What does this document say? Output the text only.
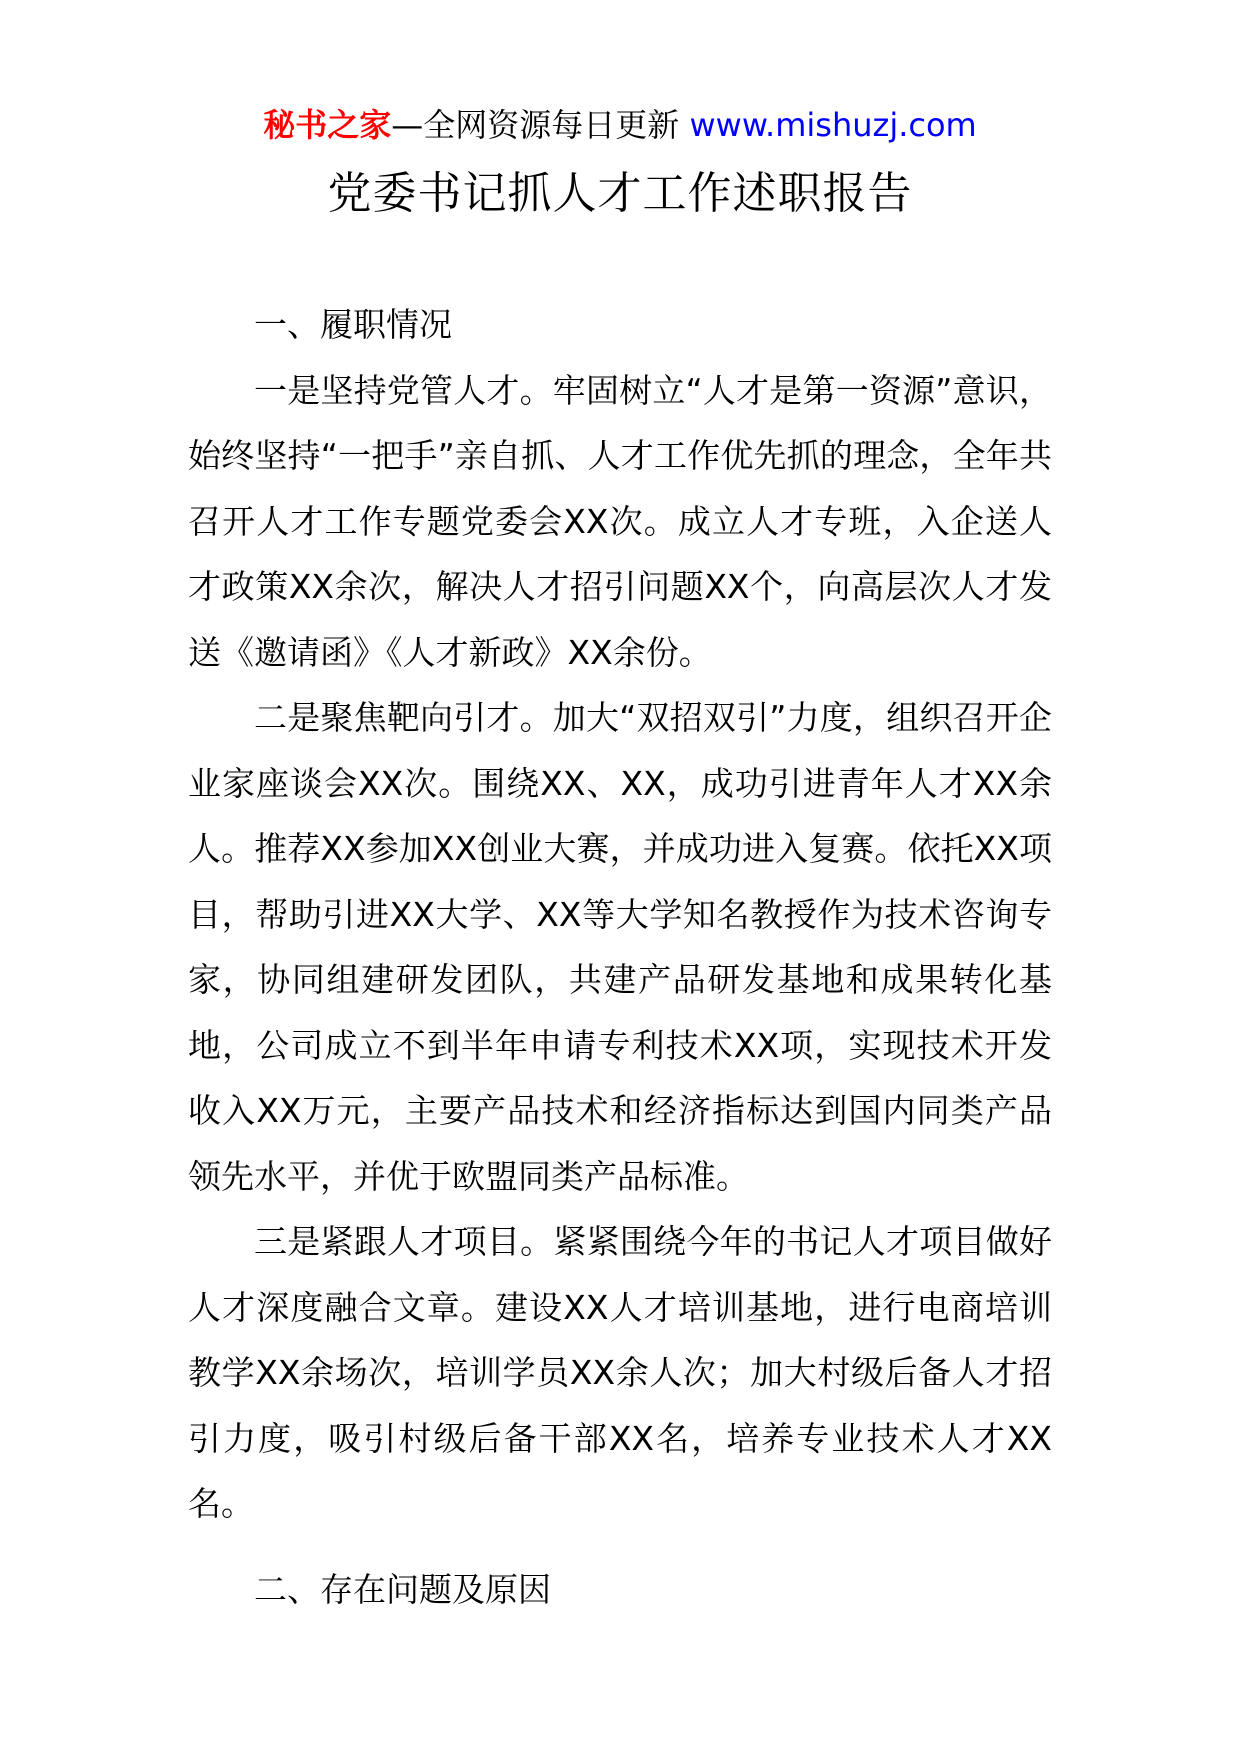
秘书之家—全网资源每日更新 www.mishuzj.com
党委书记抓人才工作述职报告
一、履职情况

一是坚持党管人才。牢固树立“人才是第一资源”意识，始终坚持“一把手”亲自抓、人才工作优先抓的理念，全年共召开人才工作专题党委会XX次。成立人才专班，入企送人才政策XX余次，解决人才招引问题XX个，向高层次人才发送《邀请函》《人才新政》XX余份。

二是聚焦靶向引才。加大“双招双引”力度，组织召开企业家座谈会XX次。围绕XX、XX，成功引进青年人才XX余人。推荐XX参加XX创业大赛，并成功进入复赛。依托XX项目，帮助引进XX大学、XX等大学知名教授作为技术咨询专家，协同组建研发团队，共建产品研发基地和成果转化基地，公司成立不到半年申请专利技术XX项，实现技术开发收入XX万元，主要产品技术和经济指标达到国内同类产品领先水平，并优于欧盟同类产品标准。

三是紧跟人才项目。紧紧围绕今年的书记人才项目做好人才深度融合文章。建设XX人才培训基地，进行电商培训教学XX余场次，培训学员XX余人次；加大村级后备人才招引力度，吸引村级后备干部XX名，培养专业技术人才XX名。

二、存在问题及原因
